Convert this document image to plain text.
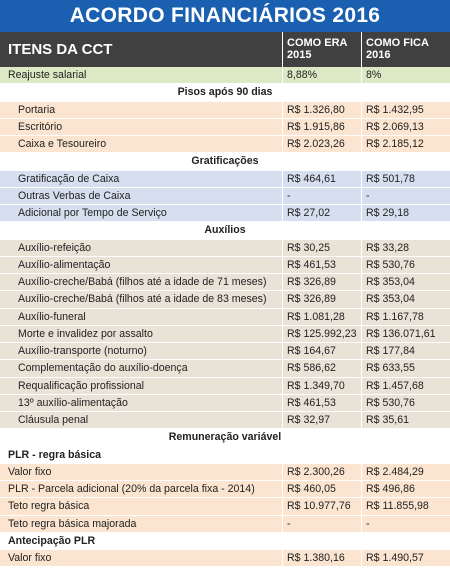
ACORDO FINANCIÁRIOS 2016
ITENS DA CCT	COMO ERA
2015
COMO FICA
2016
Reajuste salarial	8,88%	8%
Pisos após 90 dias
Portaria	R$ 1.326,80	R$ 1.432,95
Escritório	R$ 1.915,86	R$ 2.069,13
Caixa e Tesoureiro	R$ 2.023,26	R$ 2.185,12
Gratificações
Gratificação de Caixa	R$ 464,61	R$ 501,78
Outras Verbas de Caixa	-	-
Adicional por Tempo de Serviço	R$ 27,02	R$ 29,18
Auxílios
Auxílio-refeição	R$ 30,25	R$ 33,28
Auxílio-alimentação	R$ 461,53	R$ 530,76
Auxílio-creche/Babá (filhos até a idade de 71 meses)	R$ 326,89	R$ 353,04
Auxílio-creche/Babá (filhos até a idade de 83 meses)	R$ 326,89	R$ 353,04
Auxílio-funeral	R$ 1.081,28	R$ 1.167,78
Morte e invalidez por assalto	R$ 125.992,23 R$ 136.071,61
Auxílio-transporte (noturno)	R$ 164,67	R$ 177,84
Complementação do auxílio-doença	R$ 586,62	R$ 633,55
Requalificação profissional	R$ 1.349,70	R$ 1.457,68
13º auxílio-alimentação	R$ 461,53	R$ 530,76
Cláusula penal	R$ 32,97	R$ 35,61
Remuneração variável
PLR - regra básica
Valor fixo	R$ 2.300,26	R$ 2.484,29
PLR - Parcela adicional (20% da parcela fixa - 2014)	R$ 460,05	R$ 496,86
Teto regra básica	R$ 10.977,76	R$ 11.855,98
Teto regra básica majorada	-	-
Antecipação PLR
Valor fixo	R$ 1.380,16	R$ 1.490,57
